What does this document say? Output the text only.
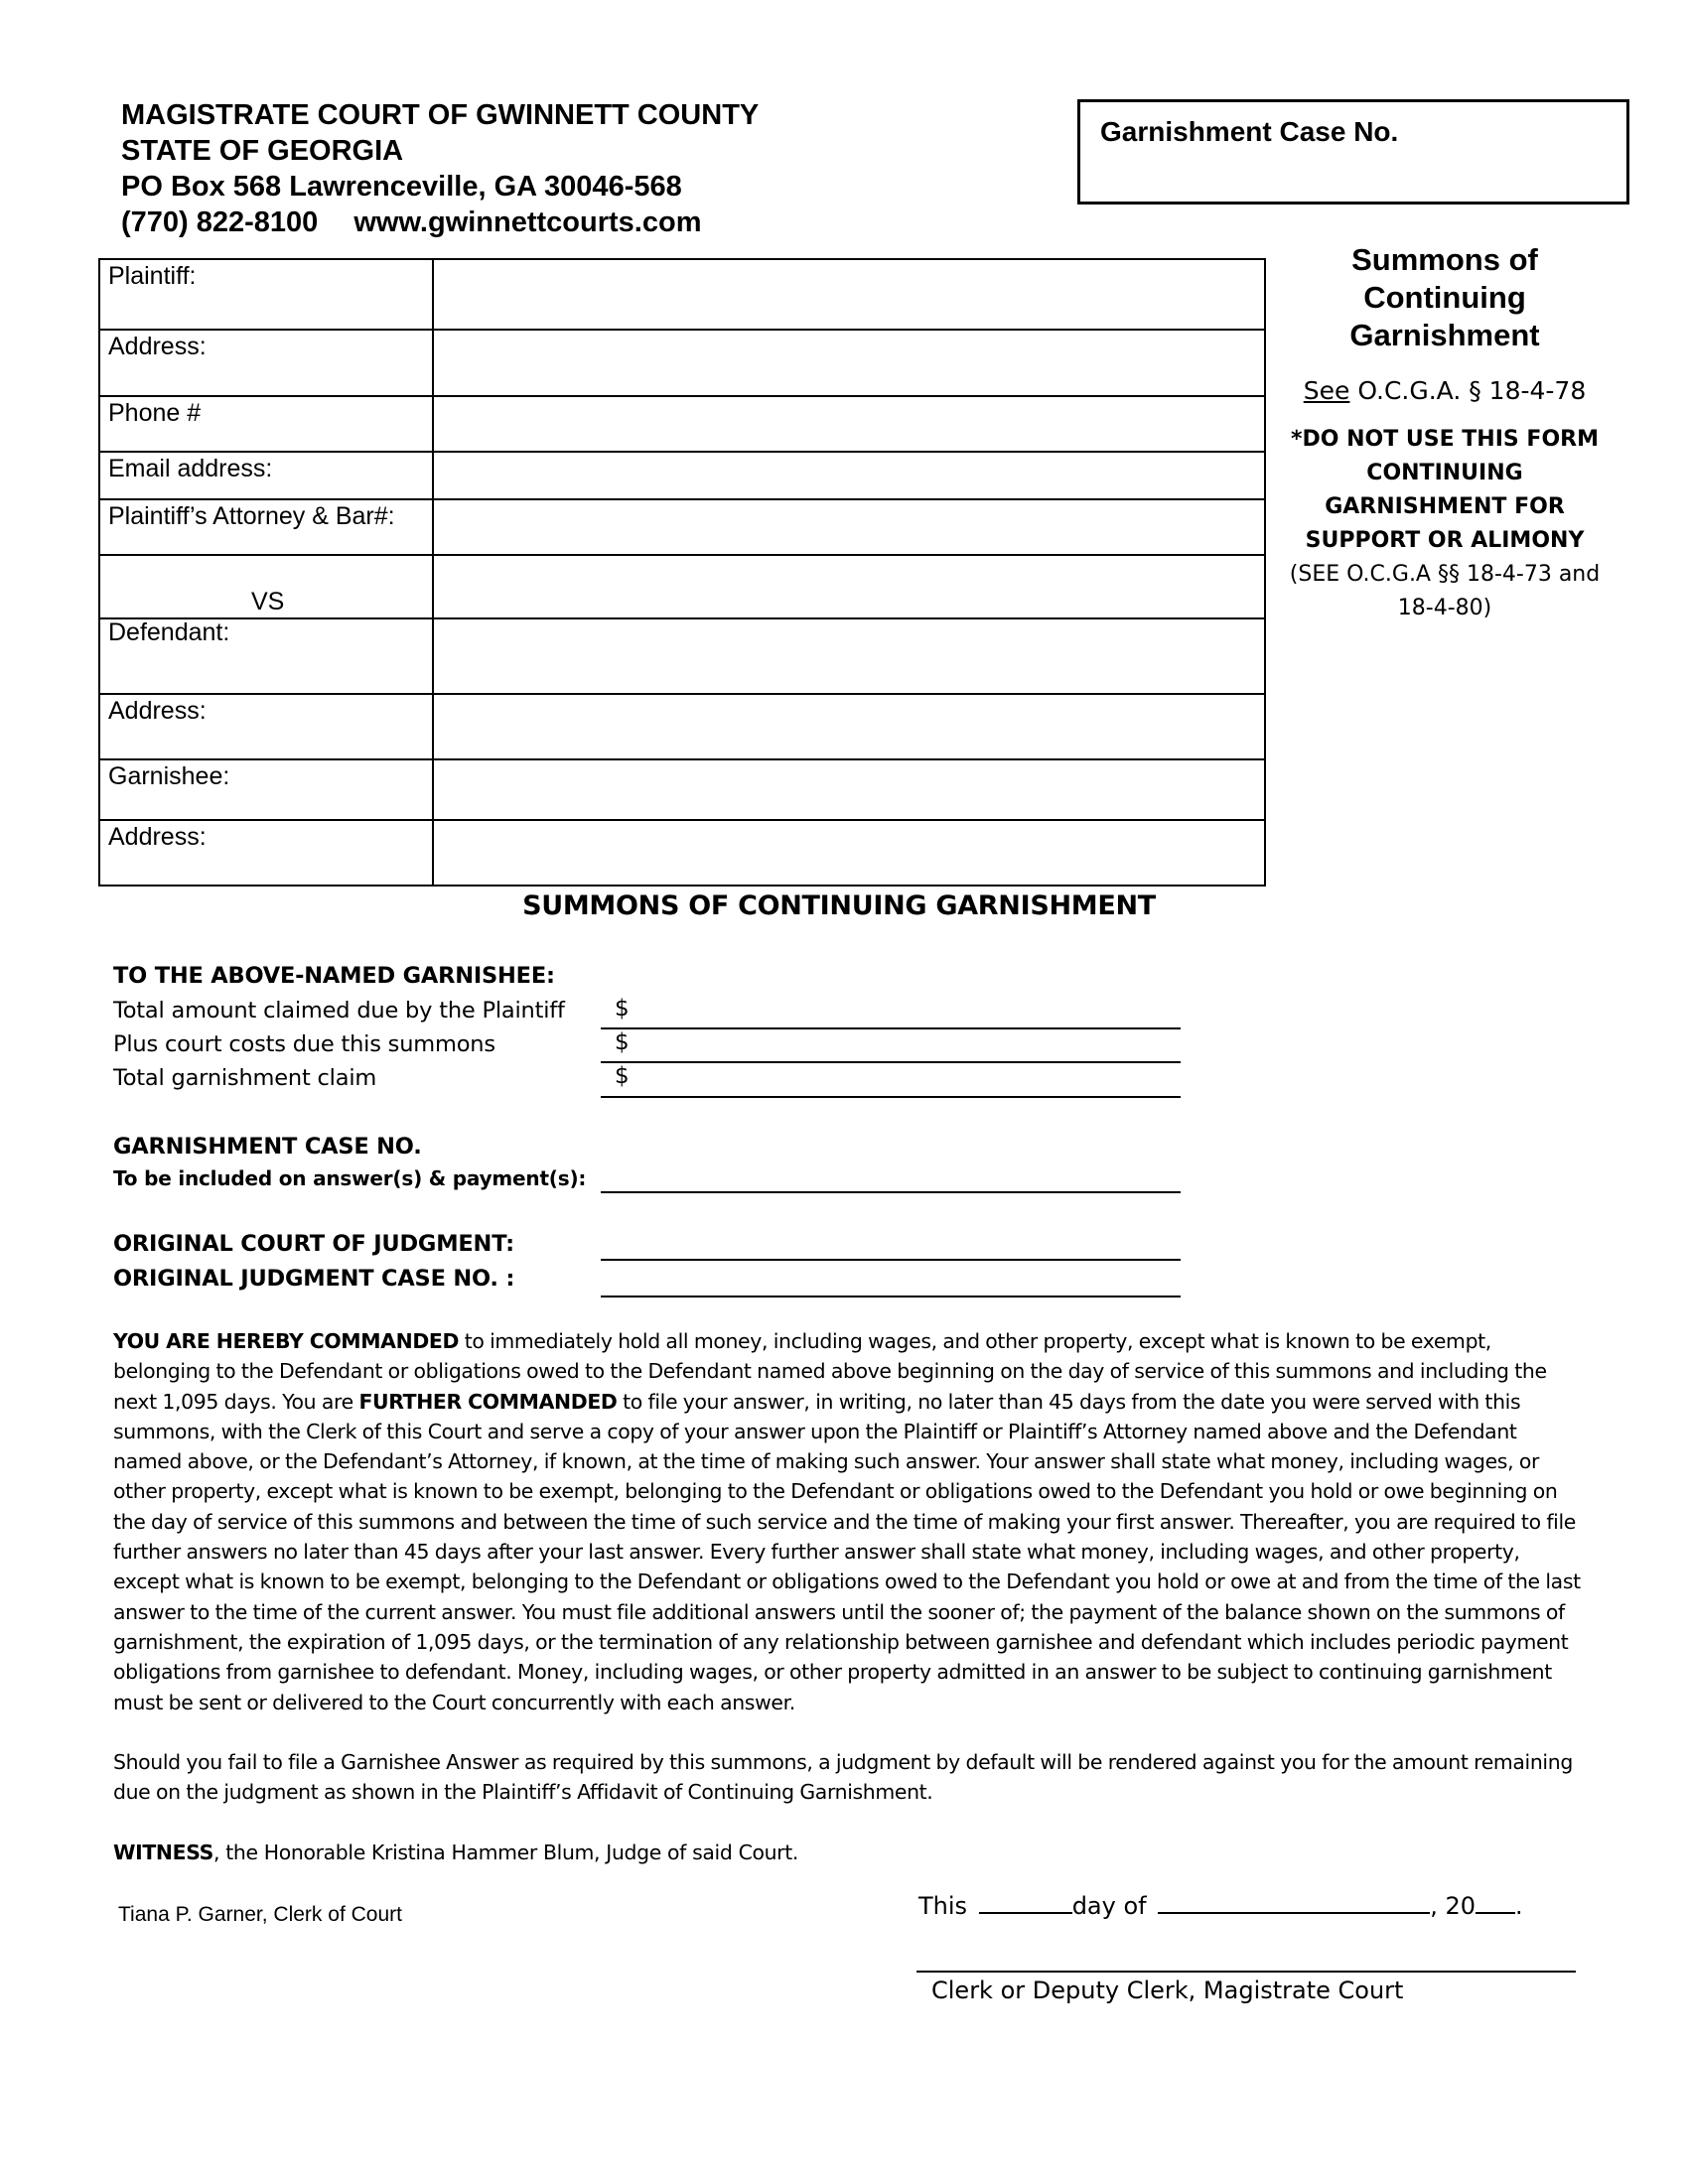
MAGISTRATE COURT OF GWINNETT COUNTY
STATE OF GEORGIA
PO Box 568 Lawrenceville, GA 30046-568
(770) 822-8100 www.gwinnettcourts.com
Garnishment Case No.
Plaintiff:
Address:
Phone #
Email address:
Plaintiff’s Attorney & Bar#:
VS
Defendant:
Address:
Garnishee:
Address:
Summons of
Continuing
Garnishment
See O.C.G.A. § 18-4-78
*DO NOT USE THIS FORM
CONTINUING
GARNISHMENT FOR
SUPPORT OR ALIMONY
(SEE O.C.G.A §§ 18-4-73 and
18-4-80)
SUMMONS OF CONTINUING GARNISHMENT
TO THE ABOVE-NAMED GARNISHEE:
Total amount claimed due by the Plaintiff $
Plus court costs due this summons	$
Total garnishment claim	$
GARNISHMENT CASE NO.
To be included on answer(s) & payment(s):
ORIGINAL COURT OF JUDGMENT:
ORIGINAL JUDGMENT CASE NO. :
YOU ARE HEREBY COMMANDED to immediately hold all money, including wages, and other property, except what is known to be exempt, belonging to the Defendant or obligations owed to the Defendant named above beginning on the day of service of this summons and including the next 1,095 days. You are FURTHER COMMANDED to file your answer, in writing, no later than 45 days from the date you were served with this summons, with the Clerk of this Court and serve a copy of your answer upon the Plaintiff or Plaintiff’s Attorney named above and the Defendant named above, or the Defendant’s Attorney, if known, at the time of making such answer. Your answer shall state what money, including wages, or other property, except what is known to be exempt, belonging to the Defendant or obligations owed to the Defendant you hold or owe beginning on the day of service of this summons and between the time of such service and the time of making your first answer. Thereafter, you are required to file further answers no later than 45 days after your last answer. Every further answer shall state what money, including wages, and other property, except what is known to be exempt, belonging to the Defendant or obligations owed to the Defendant you hold or owe at and from the time of the last answer to the time of the current answer. You must file additional answers until the sooner of; the payment of the balance shown on the summons of garnishment, the expiration of 1,095 days, or the termination of any relationship between garnishee and defendant which includes periodic payment obligations from garnishee to defendant. Money, including wages, or other property admitted in an answer to be subject to continuing garnishment must be sent or delivered to the Court concurrently with each answer.
Should you fail to file a Garnishee Answer as required by this summons, a judgment by default will be rendered against you for the amount remaining due on the judgment as shown in the Plaintiff’s Affidavit of Continuing Garnishment.
WITNESS, the Honorable Kristina Hammer Blum, Judge of said Court.
Tiana P. Garner, Clerk of Court	This	day of	, 20 .
Clerk or Deputy Clerk, Magistrate Court
